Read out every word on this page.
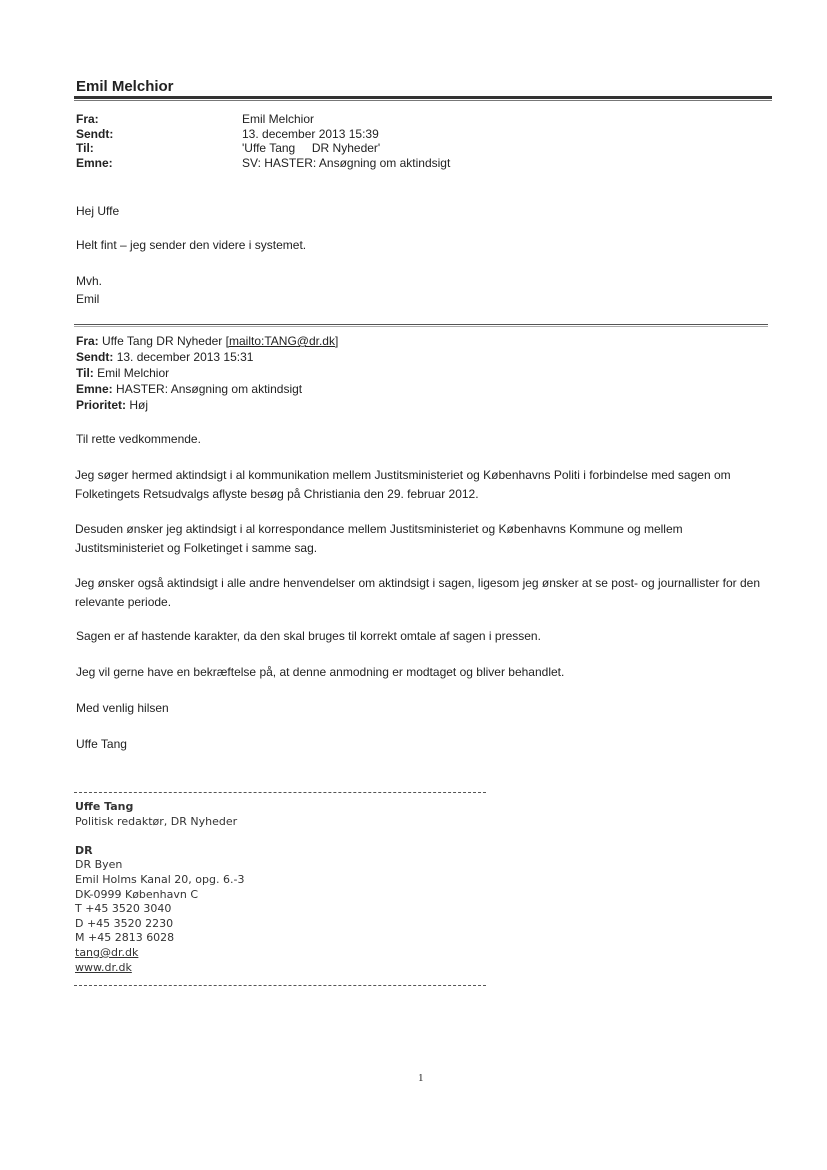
Emil Melchior
Fra:	Emil Melchior
Sendt:	13. december 2013 15:39
Til:	'Uffe Tang     DR Nyheder'
Emne:	SV: HASTER: Ansøgning om aktindsigt
Hej Uffe
Helt fint – jeg sender den videre i systemet.
Mvh.
Emil
Fra: Uffe Tang DR Nyheder [mailto:TANG@dr.dk]
Sendt: 13. december 2013 15:31
Til: Emil Melchior
Emne: HASTER: Ansøgning om aktindsigt
Prioritet: Høj
Til rette vedkommende.
Jeg søger hermed aktindsigt i al kommunikation mellem Justitsministeriet og Københavns Politi i forbindelse med sagen om Folketingets Retsudvalgs aflyste besøg på Christiania den 29. februar 2012.
Desuden ønsker jeg aktindsigt i al korrespondance mellem Justitsministeriet og Københavns Kommune og mellem Justitsministeriet og Folketinget i samme sag.
Jeg ønsker også aktindsigt i alle andre henvendelser om aktindsigt i sagen, ligesom jeg ønsker at se post- og journallister for den relevante periode.
Sagen er af hastende karakter, da den skal bruges til korrekt omtale af sagen i pressen.
Jeg vil gerne have en bekræftelse på, at denne anmodning er modtaget og bliver behandlet.
Med venlig hilsen
Uffe Tang
Uffe Tang
Politisk redaktør, DR Nyheder
DR
DR Byen
Emil Holms Kanal 20, opg. 6.-3
DK-0999 København C
T +45 3520 3040
D +45 3520 2230
M +45 2813 6028
tang@dr.dk
www.dr.dk
1
